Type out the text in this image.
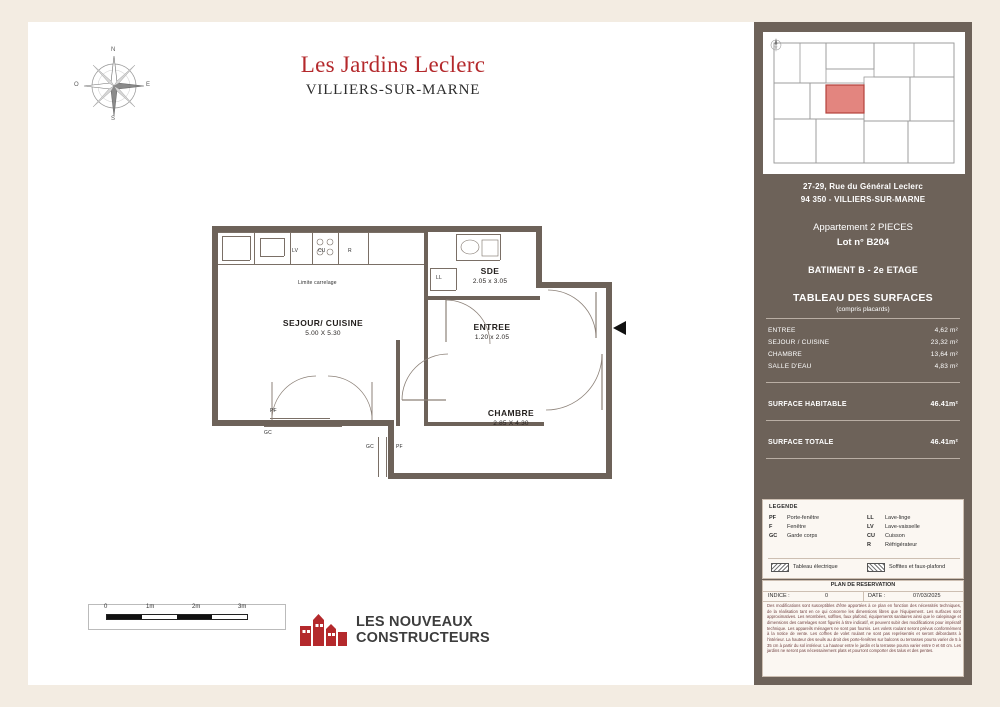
Les Jardins Leclerc
VILLIERS-SUR-MARNE
N
S
E
O
LV	CU	R
Limite carrelage
LL
PF
GC
GC	PF
SEJOUR/ CUISINE
5.00 X 5.30
SDE
2.05 x 3.05
ENTREE
1.20 x 2.05
CHAMBRE
2.85 X 4.30
0	1m	2m	3m
LES NOUVEAUX
CONSTRUCTEURS
27-29, Rue du Général Leclerc
94 350 - VILLIERS-SUR-MARNE
Appartement 2 PIECES
Lot n° B204
BATIMENT B - 2e ETAGE
TABLEAU DES SURFACES
(compris placards)
ENTREE	4,62 m²
SEJOUR / CUISINE	23,32 m²
CHAMBRE	13,64 m²
SALLE D'EAU	4,83 m²
SURFACE HABITABLE	46.41m²
SURFACE TOTALE	46.41m²
LEGENDE
PF Porte-fenêtre
F	Fenêtre
GC Garde corps
LL Lave-linge
LV Lave-vaisselle
CU Cuisson
R	Réfrigérateur
Tableau électrique	Soffites et faux-plafond
PLAN DE RESERVATION
INDICE :	0	DATE :	07/03/2025
Des modifications sont susceptibles d'être apportées à ce plan en fonction des nécessités techniques, de la réalisation tant en ce qui concerne les dimensions libres que l'équipement. Les surfaces sont approximatives. Les retombées, soffites, faux plafond, équipements sanitaires ainsi que le calepinage et dimensions des carrelages sont figurés à titre indicatif, et peuvent subir des modifications pour impératif technique. Les appareils ménagers ne sont pas fournis. Les volets roulant seront prévus conformément à la notice de vente. Les coffres de volet roulant ne sont pas représentés et seront débordants à l'intérieur. La hauteur des seuils au droit des porte-fenêtres sur balcons ou terrasses pourra varier de 5 à 35 cm à partir du sol intérieur. La hauteur entre le jardin et la terrasse pourra varier entre 0 et 60 cm. Les jardins ne seront pas nécessairement plats et pourront comporter des talus et des pentes.
